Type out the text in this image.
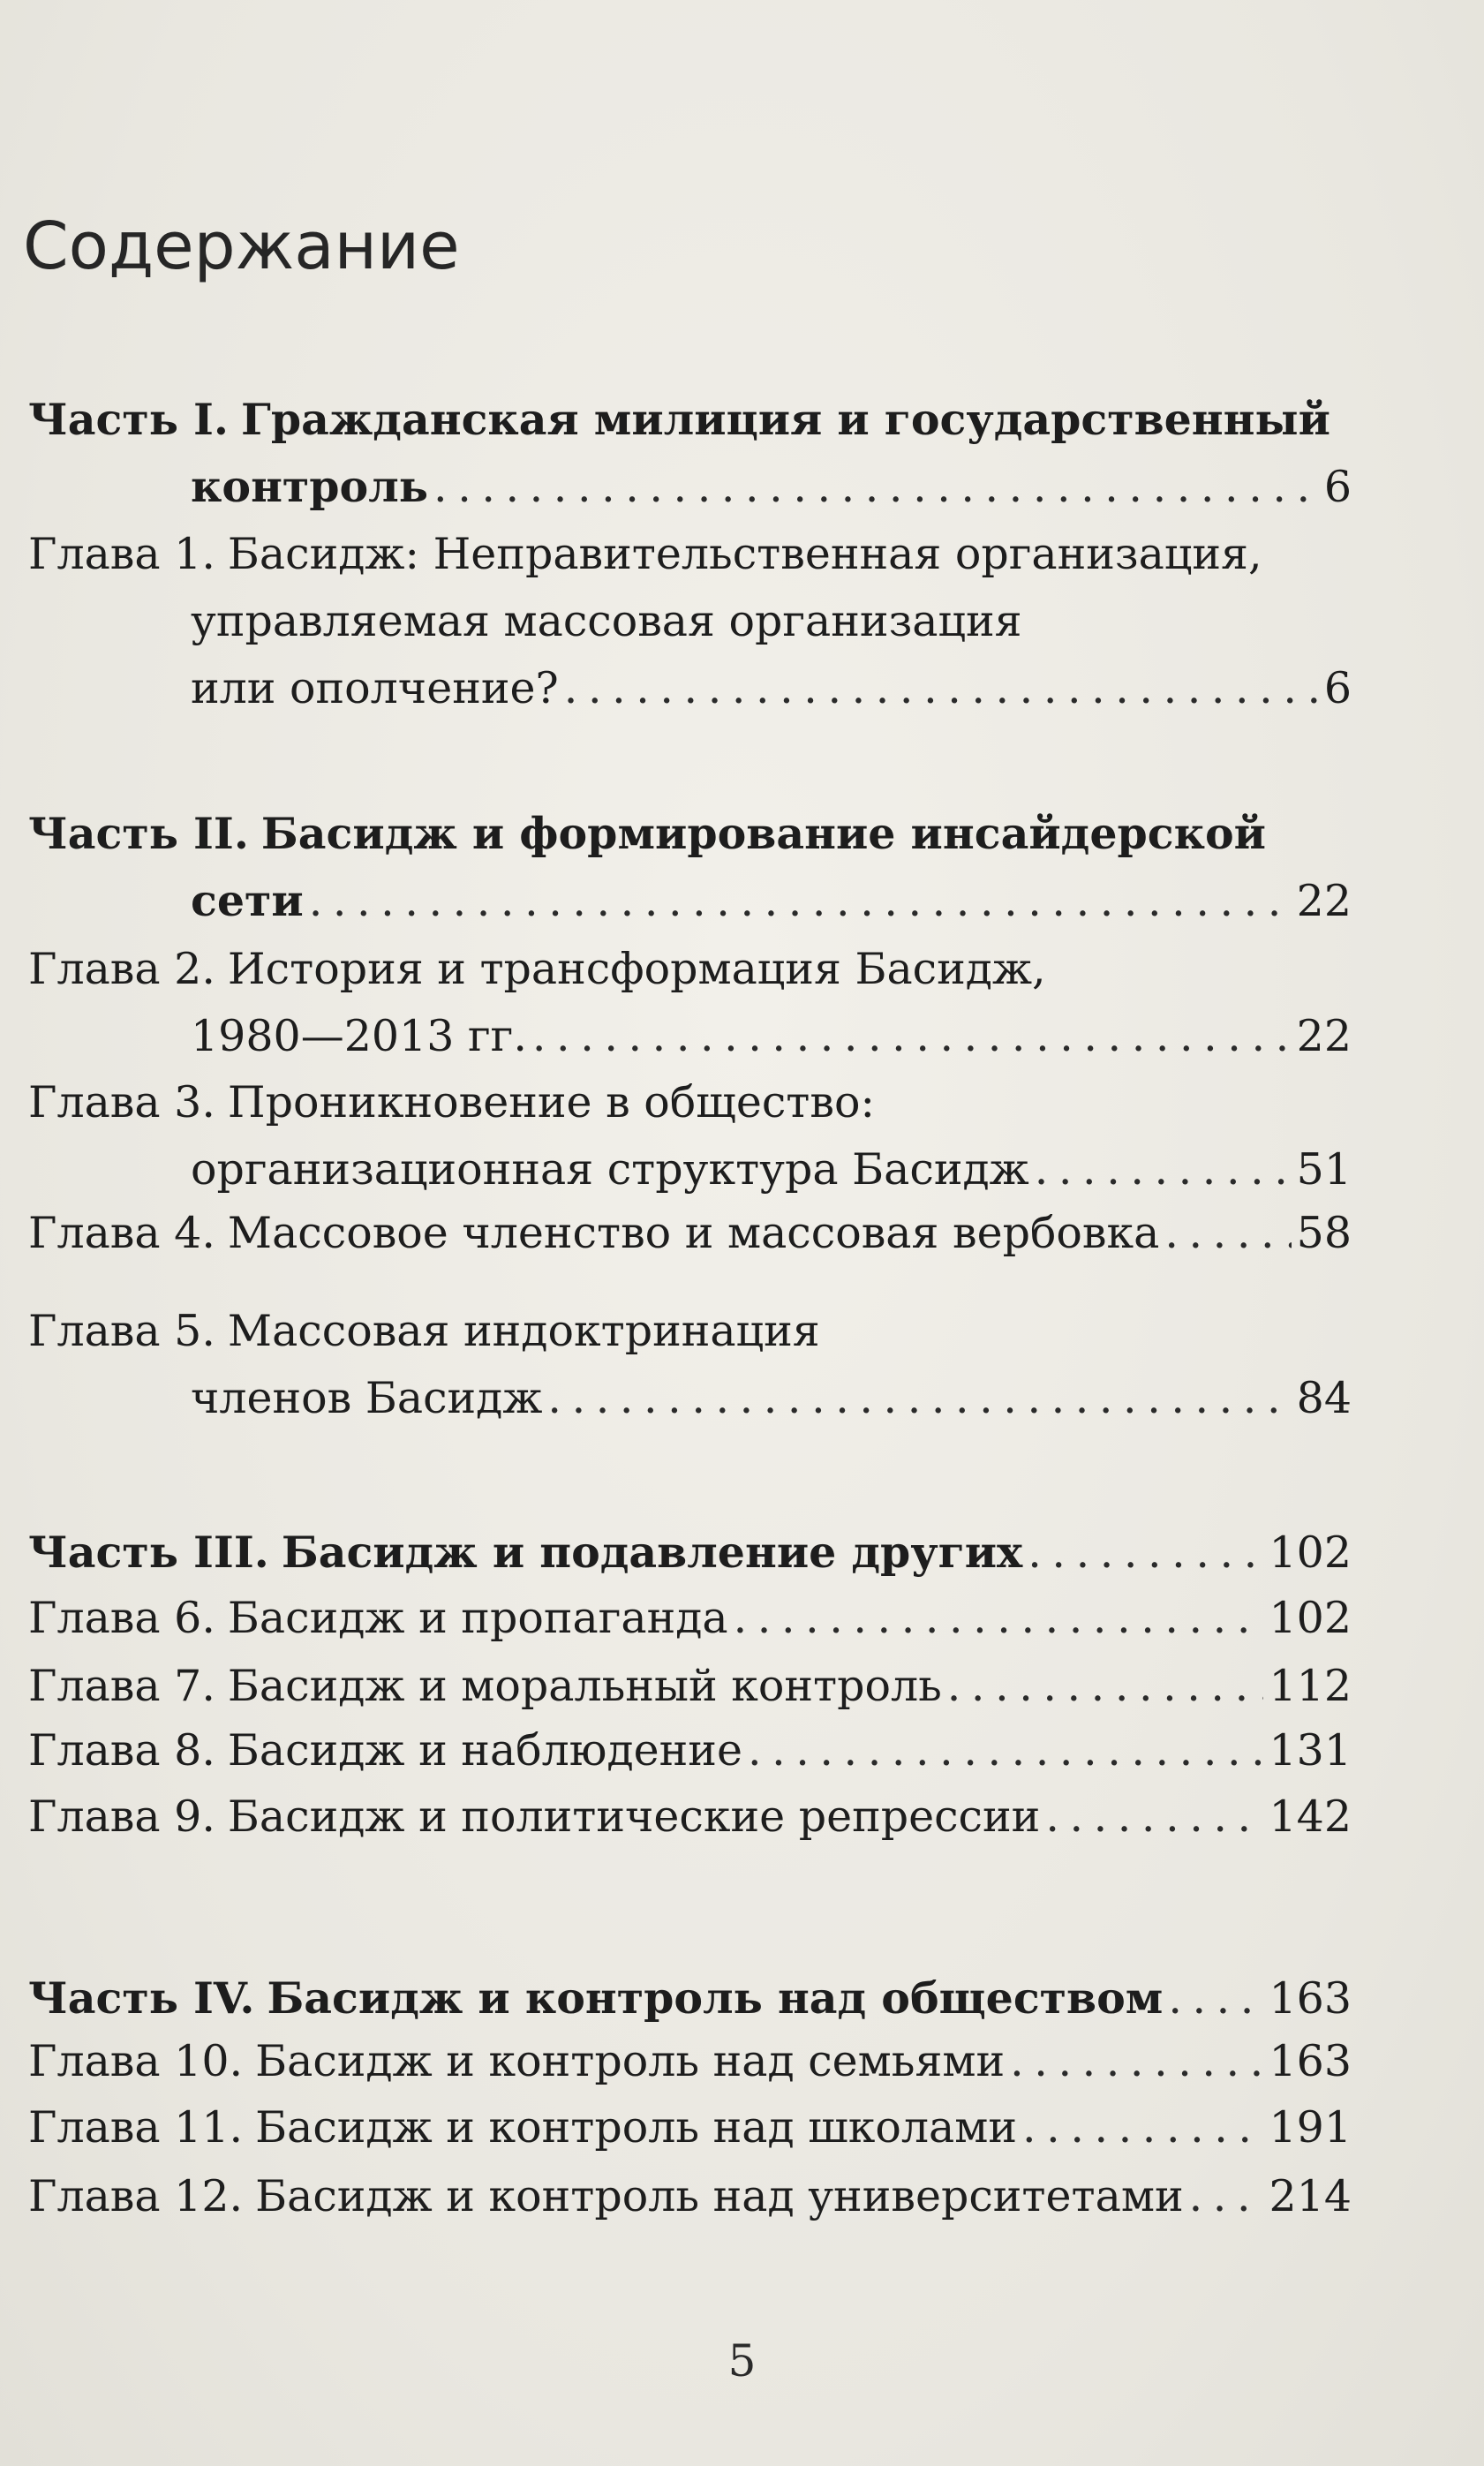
Содержание
Часть I. Гражданская милиция и государственный
контроль . . .	6
Глава 1. Басидж: Неправительственная организация,
управляемая массовая организация
или ополчение? . . .	6
Часть II. Басидж и формирование инсайдерской
сети . . .	22
Глава 2. История и трансформация Басидж,
1980—2013 гг. . . .	22
Глава 3. Проникновение в общество:
организационная структура Басидж . . .	51
Глава 4. Массовое членство и массовая вербовка . . .	58
Глава 5. Массовая индоктринация
членов Басидж . . .	84
Часть III. Басидж и подавление других . . .	102
Глава 6. Басидж и пропаганда . . .	102
Глава 7. Басидж и моральный контроль . . .	112
Глава 8. Басидж и наблюдение . . .	131
Глава 9. Басидж и политические репрессии . . .	142
Часть IV. Басидж и контроль над обществом . . . 163
Глава 10. Басидж и контроль над семьями . . .	163
Глава 11. Басидж и контроль над школами . . .	191
Глава 12. Басидж и контроль над университетами . . . 214
5
